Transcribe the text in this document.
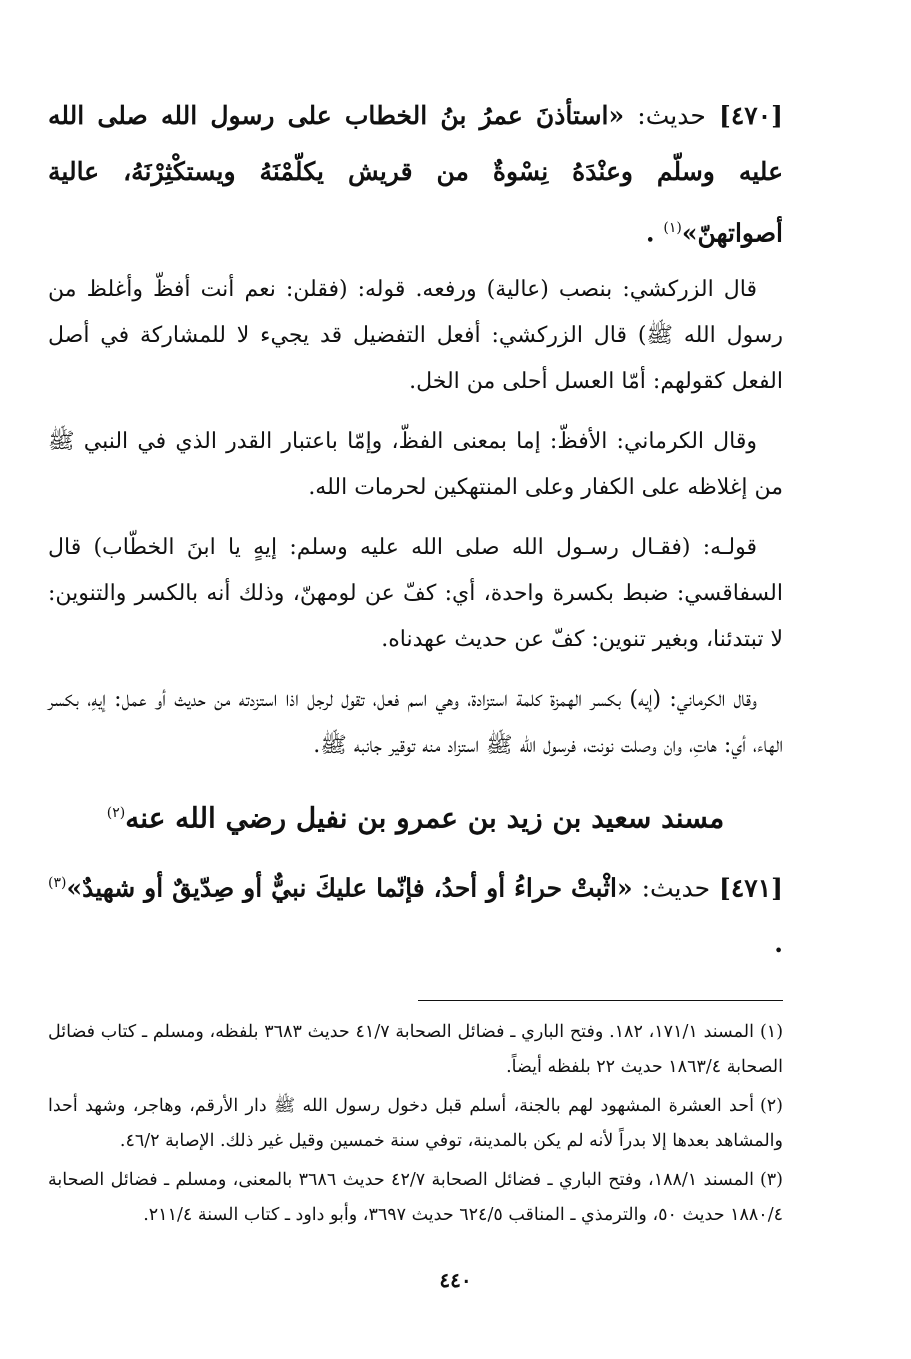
[٤٧٠] حديث: «استأذنَ عمرُ بنُ الخطاب على رسول الله صلى الله عليه وسلّم وعنْدَهُ نِسْوةٌ من قريش يكلّمْنَهُ ويستكْثِرْنَهُ، عالية أصواتهنّ»$^{(١)}$ .

قال الزركشي: بنصب (عالية) ورفعه. قوله: (فقلن: نعم أنت أفظّ وأغلظ من رسول الله ﷺ) قال الزركشي: أفعل التفضيل قد يجيء لا للمشاركة في أصل الفعل كقولهم: أمّا العسل أحلى من الخل.

وقال الكرماني: الأفظّ: إما بمعنى الفظّ، وإمّا باعتبار القدر الذي في النبي ﷺ من إغلاظه على الكفار وعلى المنتهكين لحرمات الله.

قولـه: (فقـال رسـول الله صلى الله عليه وسلم: إيهٍ يا ابنَ الخطّاب) قال السفاقسي: ضبط بكسرة واحدة، أي: كفّ عن لومهنّ، وذلك أنه بالكسر والتنوين: لا تبتدئنا، وبغير تنوين: كفّ عن حديث عهدناه.

وقال الكرماني: (إيه) بكسر الهمزة كلمة استزادة، وهي اسم فعل، تقول لرجل اذا استزدته من حديث أو عمل: إيهِ، بكسر الهاء، أي: هاتِ، وان وصلت نونت، فرسول الله ﷺ استزاد منه توقير جانبه ﷺ.

مسند سعيد بن زيد بن عمرو بن نفيل رضي الله عنه$^{(٢)}$

[٤٧١] حديث: «اثْبتْ حراءُ أو أحدُ، فإنّما عليكَ نبيٌّ أو صِدّيقٌ أو شهيدٌ»$^{(٣)}$ .

(١)المسند ١٧١/١، ١٨٢. وفتح الباري ـ فضائل الصحابة ٤١/٧ حديث ٣٦٨٣ بلفظه، ومسلم ـ كتاب فضائل الصحابة ١٨٦٣/٤ حديث ٢٢ بلفظه أيضاً.

(٢)أحد العشرة المشهود لهم بالجنة، أسلم قبل دخول رسول الله ﷺ دار الأرقم، وهاجر، وشهد أحدا والمشاهد بعدها إلا بدراً لأنه لم يكن بالمدينة، توفي سنة خمسين وقيل غير ذلك. الإصابة ٤٦/٢.

(٣)المسند ١٨٨/١، وفتح الباري ـ فضائل الصحابة ٤٢/٧ حديث ٣٦٨٦ بالمعنى، ومسلم ـ فضائل الصحابة ١٨٨٠/٤ حديث ٥٠، والترمذي ـ المناقب ٦٢٤/٥ حديث ٣٦٩٧، وأبو داود ـ كتاب السنة ٢١١/٤.

٤٤٠
